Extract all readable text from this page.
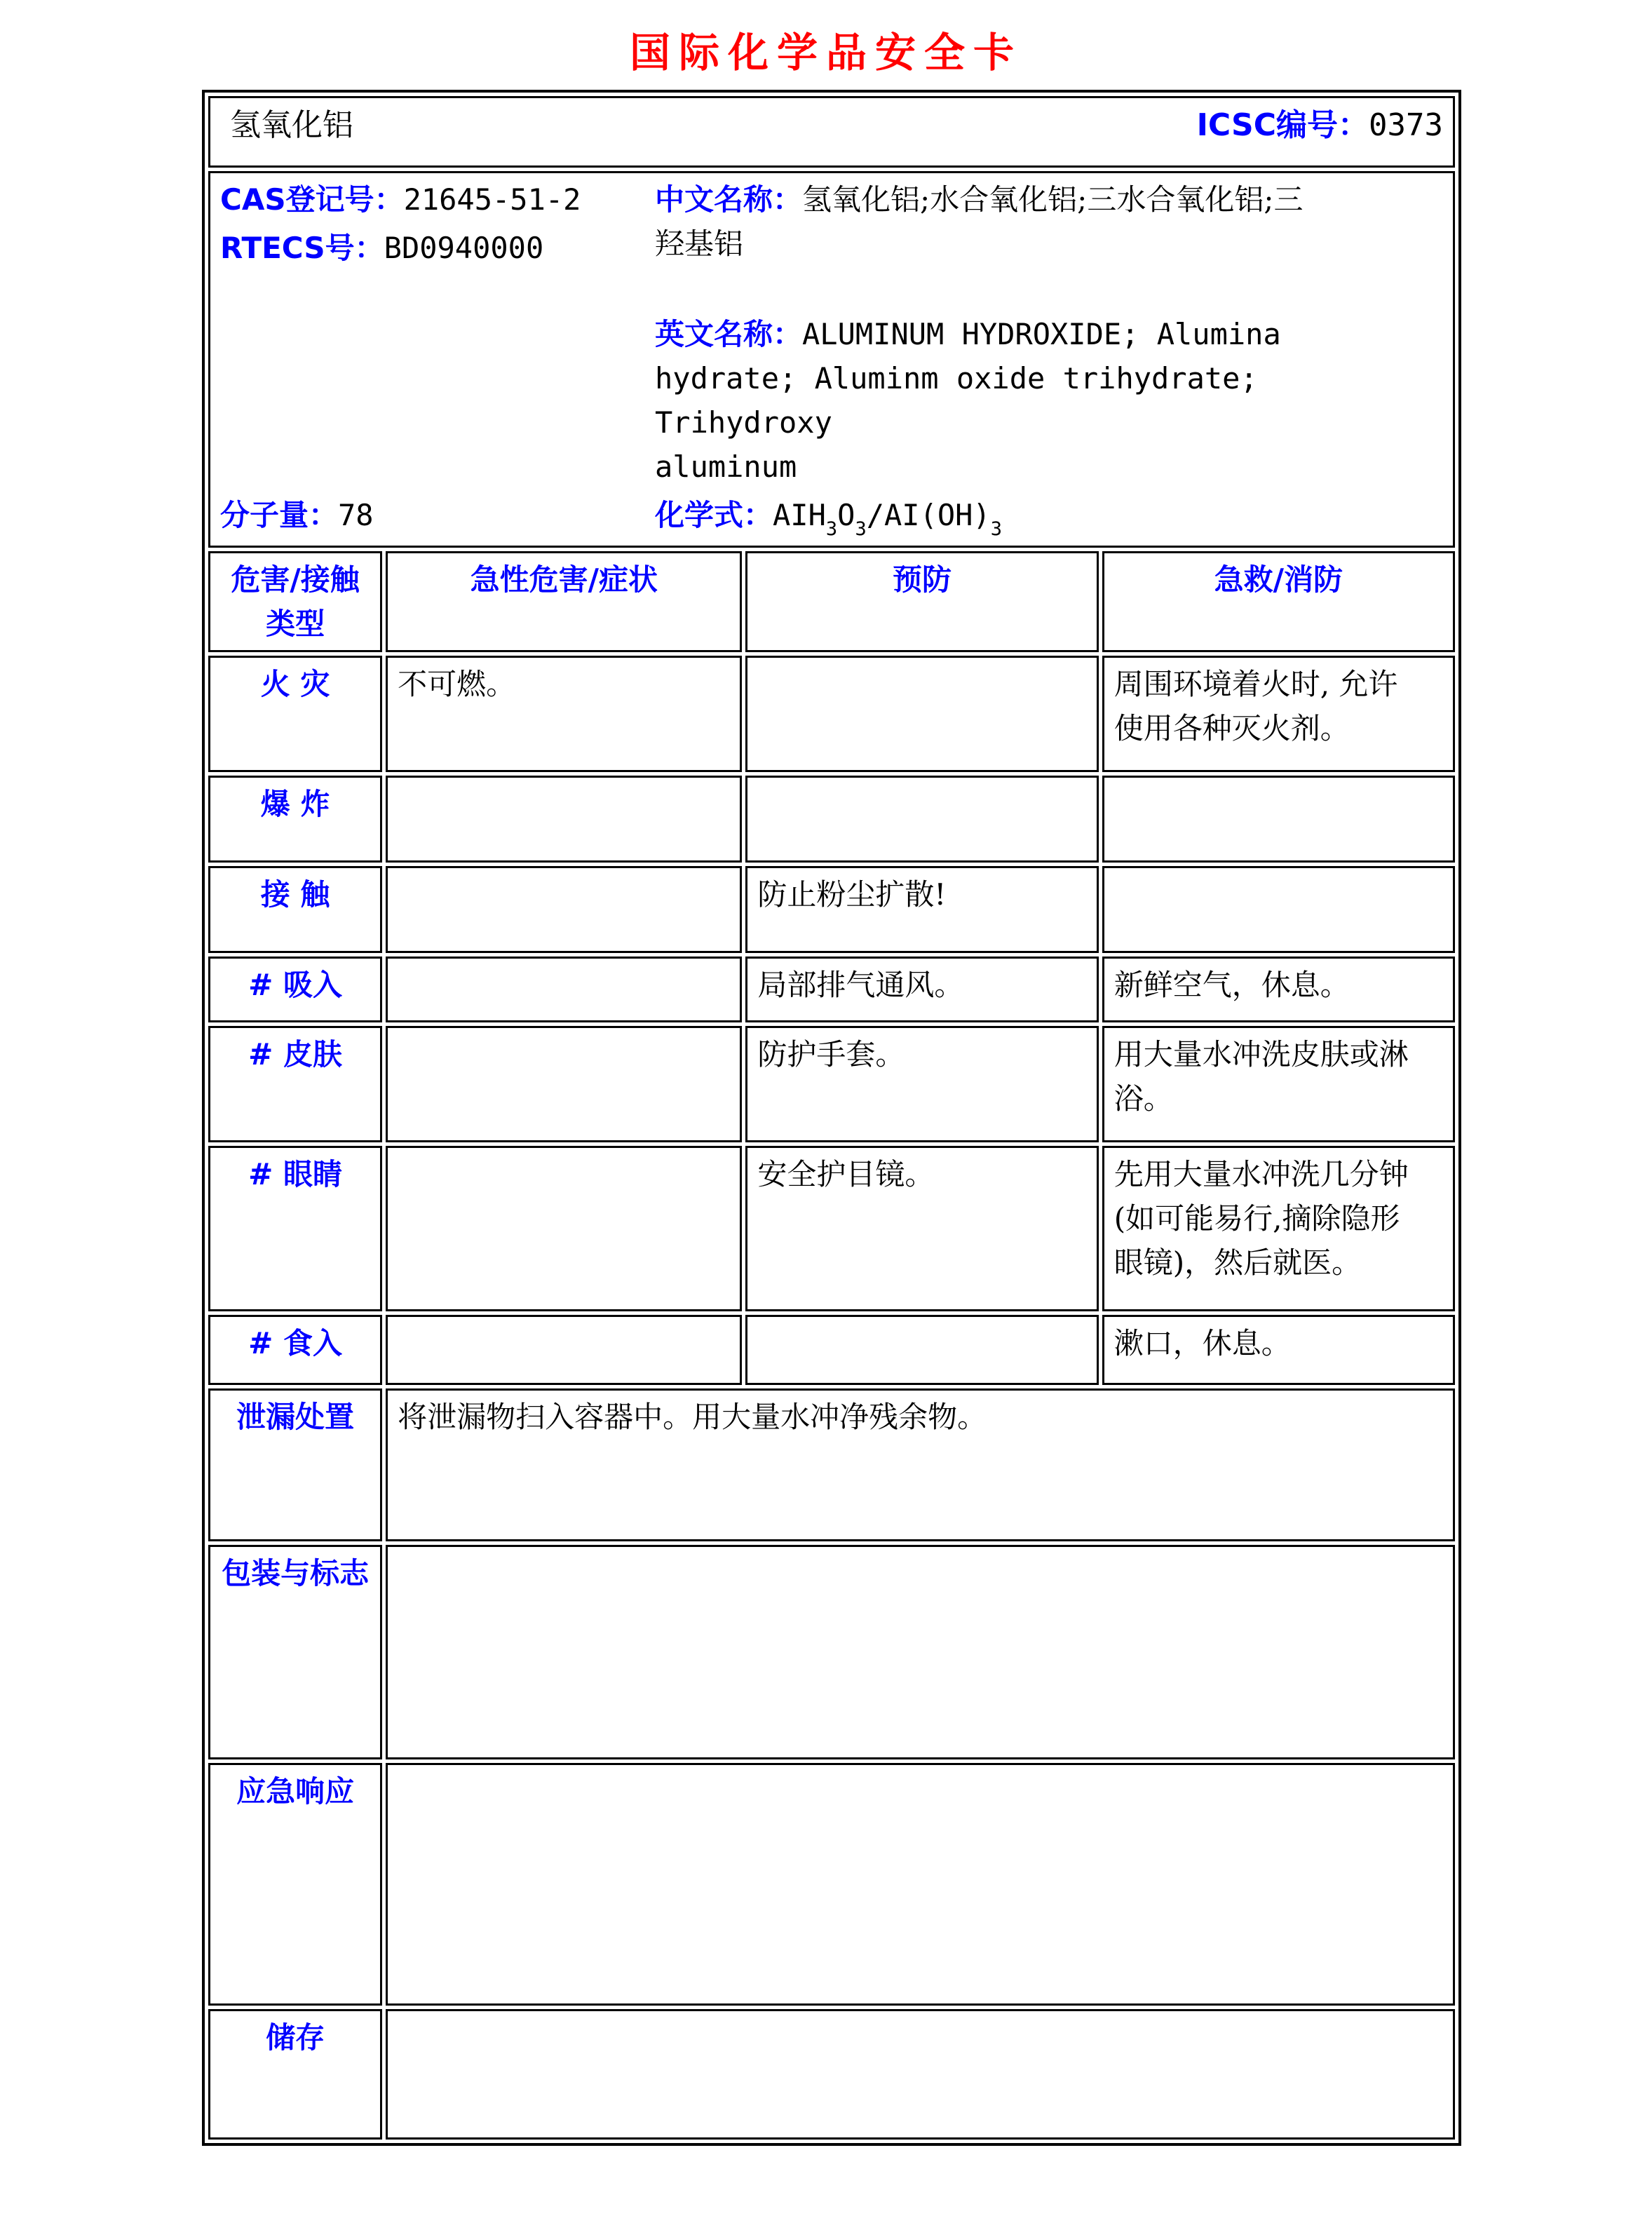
国际化学品安全卡
氢氧化铝 ICSC编号：0373			

CAS登记号：21645-51-2
RTECS号：BD0940000
分子量：78
中文名称：氢氧化铝;水合氧化铝;三水合氧化铝;三
羟基铝
英文名称：ALUMINUM HYDROXIDE; Alumina
hydrate; Aluminm oxide trihydrate; Trihydroxy
aluminum
化学式：$AIH_3O_3/AI(OH)_3$

危害/接触
类型	急性危害/症状	预防	急救/消防
火 灾	不可燃。		周围环境着火时, 允许
使用各种灭火剂。
爆 炸			
接 触		防止粉尘扩散!	
# 吸入		局部排气通风。	新鲜空气，休息。
# 皮肤		防护手套。	用大量水冲洗皮肤或淋
浴。
# 眼睛		安全护目镜。	先用大量水冲洗几分钟
(如可能易行,摘除隐形
眼镜)，然后就医。
# 食入			漱口，休息。
泄漏处置	将泄漏物扫入容器中。用大量水冲净残余物。		
包装与标志			
应急响应			
储存			
